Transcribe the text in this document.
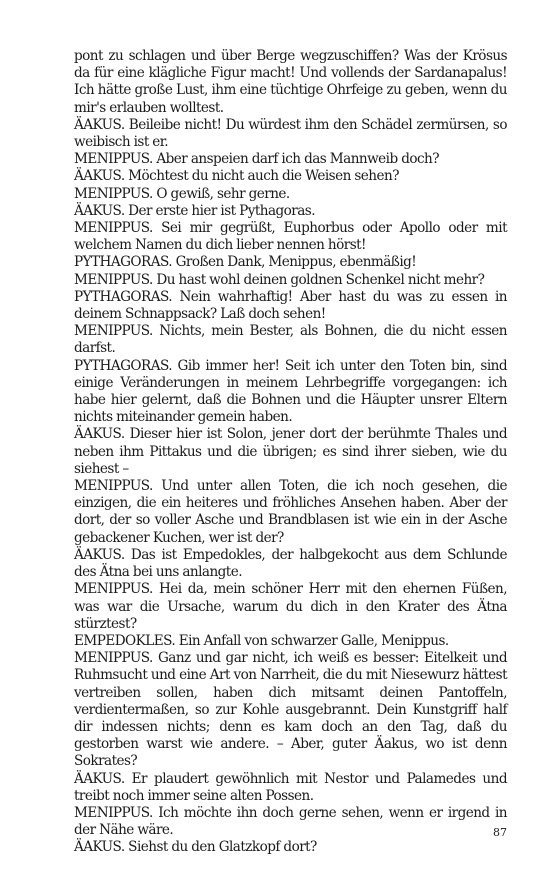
pont zu schlagen und über Berge wegzuschiffen? Was der Krösus da für eine klägliche Figur macht! Und vollends der Sardanapalus! Ich hätte große Lust, ihm eine tüchtige Ohrfeige zu geben, wenn du mir's erlauben wolltest.

ÄAKUS. Beileibe nicht! Du würdest ihm den Schädel zermürsen, so weibisch ist er.

MENIPPUS. Aber anspeien darf ich das Mannweib doch?

ÄAKUS. Möchtest du nicht auch die Weisen sehen?

MENIPPUS. O gewiß, sehr gerne.

ÄAKUS. Der erste hier ist Pythagoras.

MENIPPUS. Sei mir gegrüßt, Euphorbus oder Apollo oder mit welchem Namen du dich lieber nennen hörst!

PYTHAGORAS. Großen Dank, Menippus, ebenmäßig!

MENIPPUS. Du hast wohl deinen goldnen Schenkel nicht mehr?

PYTHAGORAS. Nein wahrhaftig! Aber hast du was zu essen in deinem Schnappsack? Laß doch sehen!

MENIPPUS. Nichts, mein Bester, als Bohnen, die du nicht essen darfst.

PYTHAGORAS. Gib immer her! Seit ich unter den Toten bin, sind einige Veränderungen in meinem Lehrbegriffe vorgegangen: ich habe hier gelernt, daß die Bohnen und die Häupter unsrer Eltern nichts miteinander gemein haben.

ÄAKUS. Dieser hier ist Solon, jener dort der berühmte Thales und neben ihm Pittakus und die übrigen; es sind ihrer sieben, wie du siehest –

MENIPPUS. Und unter allen Toten, die ich noch gesehen, die einzigen, die ein heiteres und fröhliches Ansehen haben. Aber der dort, der so voller Asche und Brandblasen ist wie ein in der Asche gebackener Kuchen, wer ist der?

ÄAKUS. Das ist Empedokles, der halbgekocht aus dem Schlunde des Ätna bei uns anlangte.

MENIPPUS. Hei da, mein schöner Herr mit den ehernen Füßen, was war die Ursache, warum du dich in den Krater des Ätna stürztest?

EMPEDOKLES. Ein Anfall von schwarzer Galle, Menippus.

MENIPPUS. Ganz und gar nicht, ich weiß es besser: Eitelkeit und Ruhmsucht und eine Art von Narrheit, die du mit Niesewurz hättest vertreiben sollen, haben dich mitsamt deinen Pantoffeln, verdientermaßen, so zur Kohle ausgebrannt. Dein Kunstgriff half dir indessen nichts; denn es kam doch an den Tag, daß du gestorben warst wie andere. – Aber, guter Äakus, wo ist denn Sokrates?

ÄAKUS. Er plaudert gewöhnlich mit Nestor und Palamedes und treibt noch immer seine alten Possen.

MENIPPUS. Ich möchte ihn doch gerne sehen, wenn er irgend in der Nähe wäre.

ÄAKUS. Siehst du den Glatzkopf dort?

87
